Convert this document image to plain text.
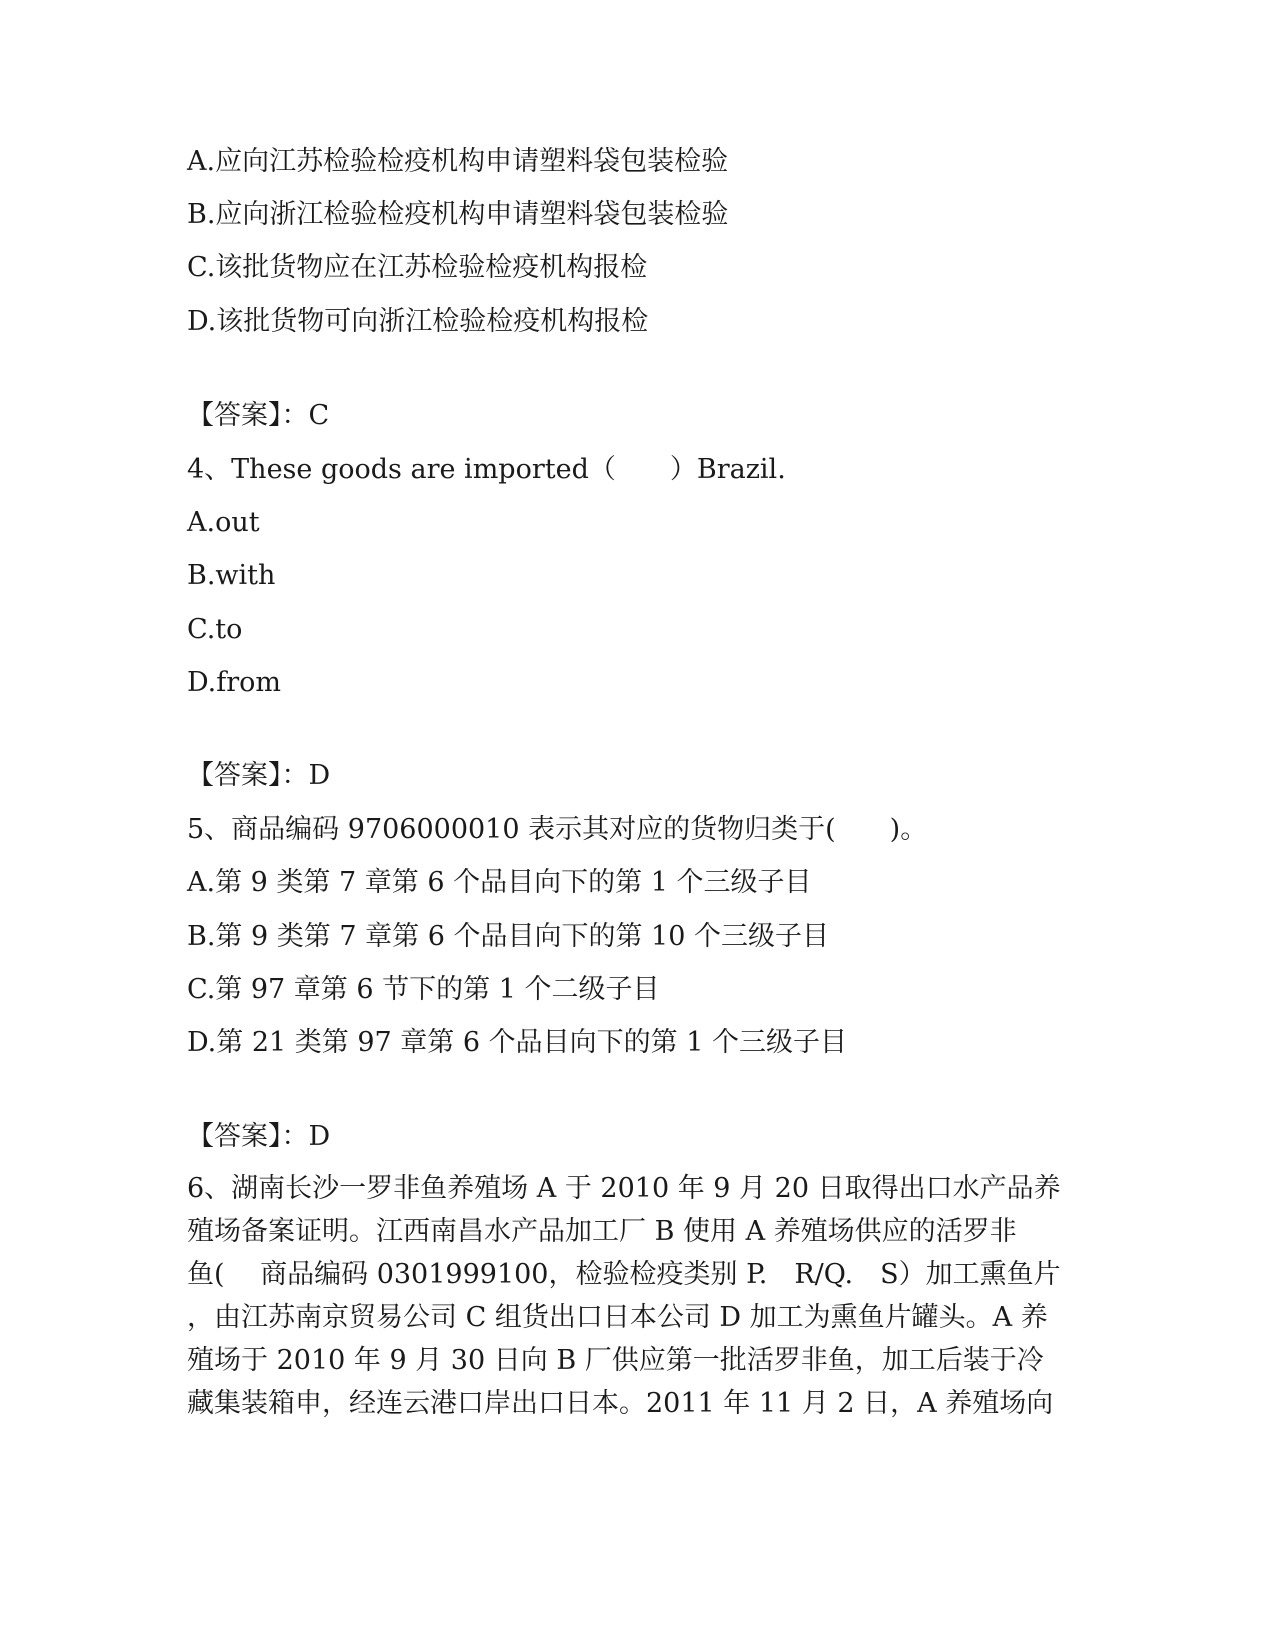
A.应向江苏检验检疫机构申请塑料袋包装检验
B.应向浙江检验检疫机构申请塑料袋包装检验
C.该批货物应在江苏检验检疫机构报检
D.该批货物可向浙江检验检疫机构报检
【答案】：C
4、These goods are imported（　　）Brazil.
A.out
B.with
C.to
D.from
【答案】：D
5、商品编码 9706000010 表示其对应的货物归类于(　　)。
A.第 9 类第 7 章第 6 个品目向下的第 1 个三级子目
B.第 9 类第 7 章第 6 个品目向下的第 10 个三级子目
C.第 97 章第 6 节下的第 1 个二级子目
D.第 21 类第 97 章第 6 个品目向下的第 1 个三级子目
【答案】：D
6、湖南长沙一罗非鱼养殖场 A 于 2010 年 9 月 20 日取得出口水产品养
殖场备案证明。江西南昌水产品加工厂 B 使用 A 养殖场供应的活罗非
鱼(　 商品编码 0301999100，检验检疫类别 P.　R/Q.　S）加工熏鱼片
，由江苏南京贸易公司 C 组货出口日本公司 D 加工为熏鱼片罐头。A 养
殖场于 2010 年 9 月 30 日向 B 厂供应第一批活罗非鱼，加工后装于冷
藏集装箱申，经连云港口岸出口日本。2011 年 11 月 2 日，A 养殖场向
